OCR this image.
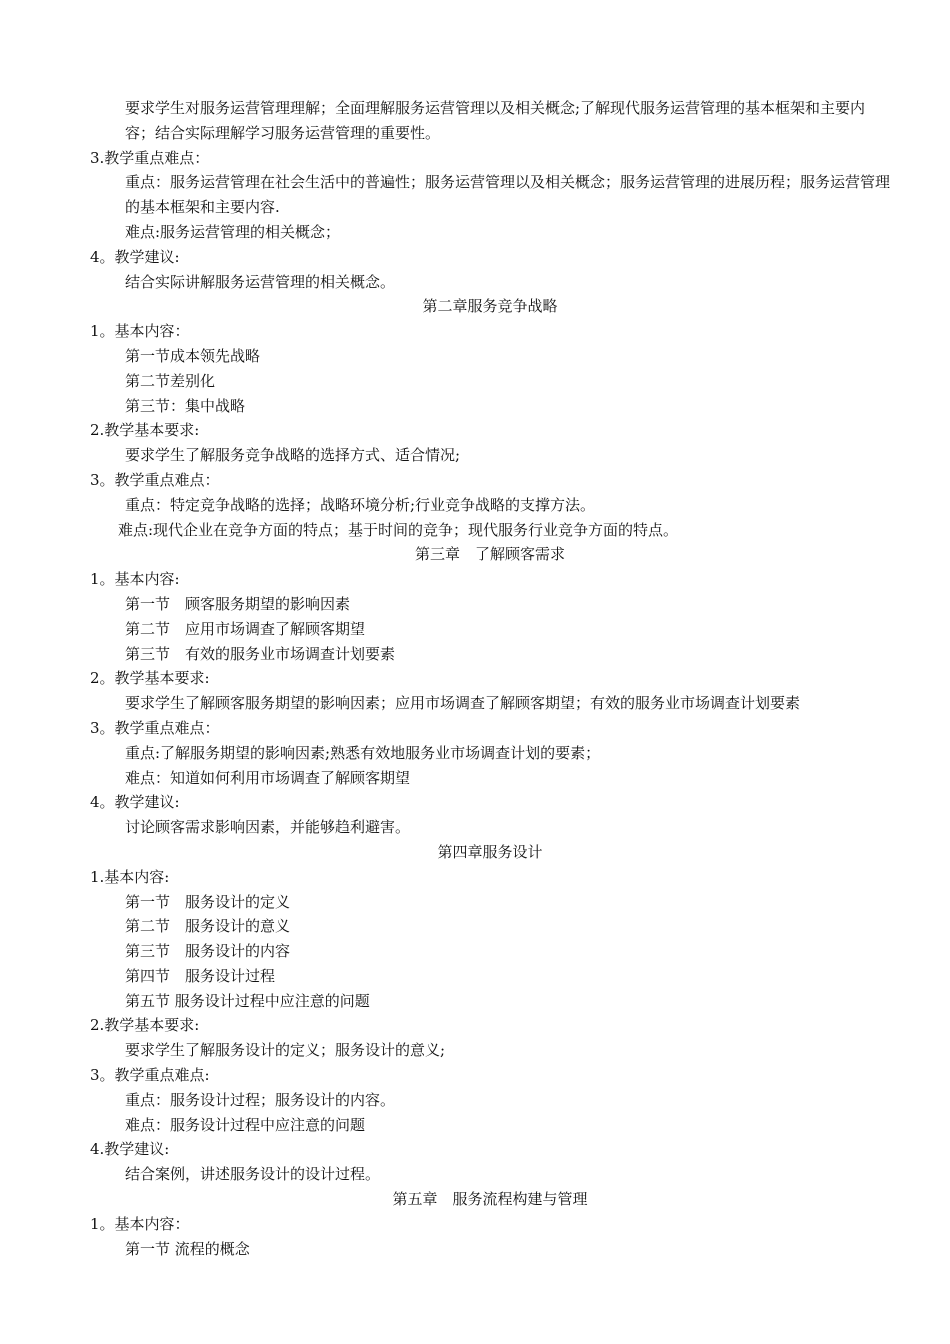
要求学生对服务运营管理理解；全面理解服务运营管理以及相关概念;了解现代服务运营管理的基本框架和主要内容；结合实际理解学习服务运营管理的重要性。
3.教学重点难点：
重点：服务运营管理在社会生活中的普遍性；服务运营管理以及相关概念；服务运营管理的进展历程；服务运营管理的基本框架和主要内容.
难点:服务运营管理的相关概念；
4。教学建议:
结合实际讲解服务运营管理的相关概念。
第二章服务竞争战略
1。基本内容：
第一节成本领先战略
第二节差别化
第三节：集中战略
2.教学基本要求:
要求学生了解服务竞争战略的选择方式、适合情况;
3。教学重点难点：
重点：特定竞争战略的选择；战略环境分析;行业竞争战略的支撑方法。
难点:现代企业在竞争方面的特点；基于时间的竞争；现代服务行业竞争方面的特点。
第三章　了解顾客需求
1。基本内容:
第一节　顾客服务期望的影响因素
第二节　应用市场调查了解顾客期望
第三节　有效的服务业市场调查计划要素
2。教学基本要求:
要求学生了解顾客服务期望的影响因素；应用市场调查了解顾客期望；有效的服务业市场调查计划要素
3。教学重点难点：
重点:了解服务期望的影响因素;熟悉有效地服务业市场调查计划的要素；
难点：知道如何利用市场调查了解顾客期望
4。教学建议:
讨论顾客需求影响因素，并能够趋利避害。
第四章服务设计
1.基本内容:
第一节　服务设计的定义
第二节　服务设计的意义
第三节　服务设计的内容
第四节　服务设计过程
第五节 服务设计过程中应注意的问题
2.教学基本要求:
要求学生了解服务设计的定义；服务设计的意义;
3。教学重点难点:
重点：服务设计过程；服务设计的内容。
难点：服务设计过程中应注意的问题
4.教学建议:
结合案例，讲述服务设计的设计过程。
第五章　服务流程构建与管理
1。基本内容：
第一节 流程的概念
